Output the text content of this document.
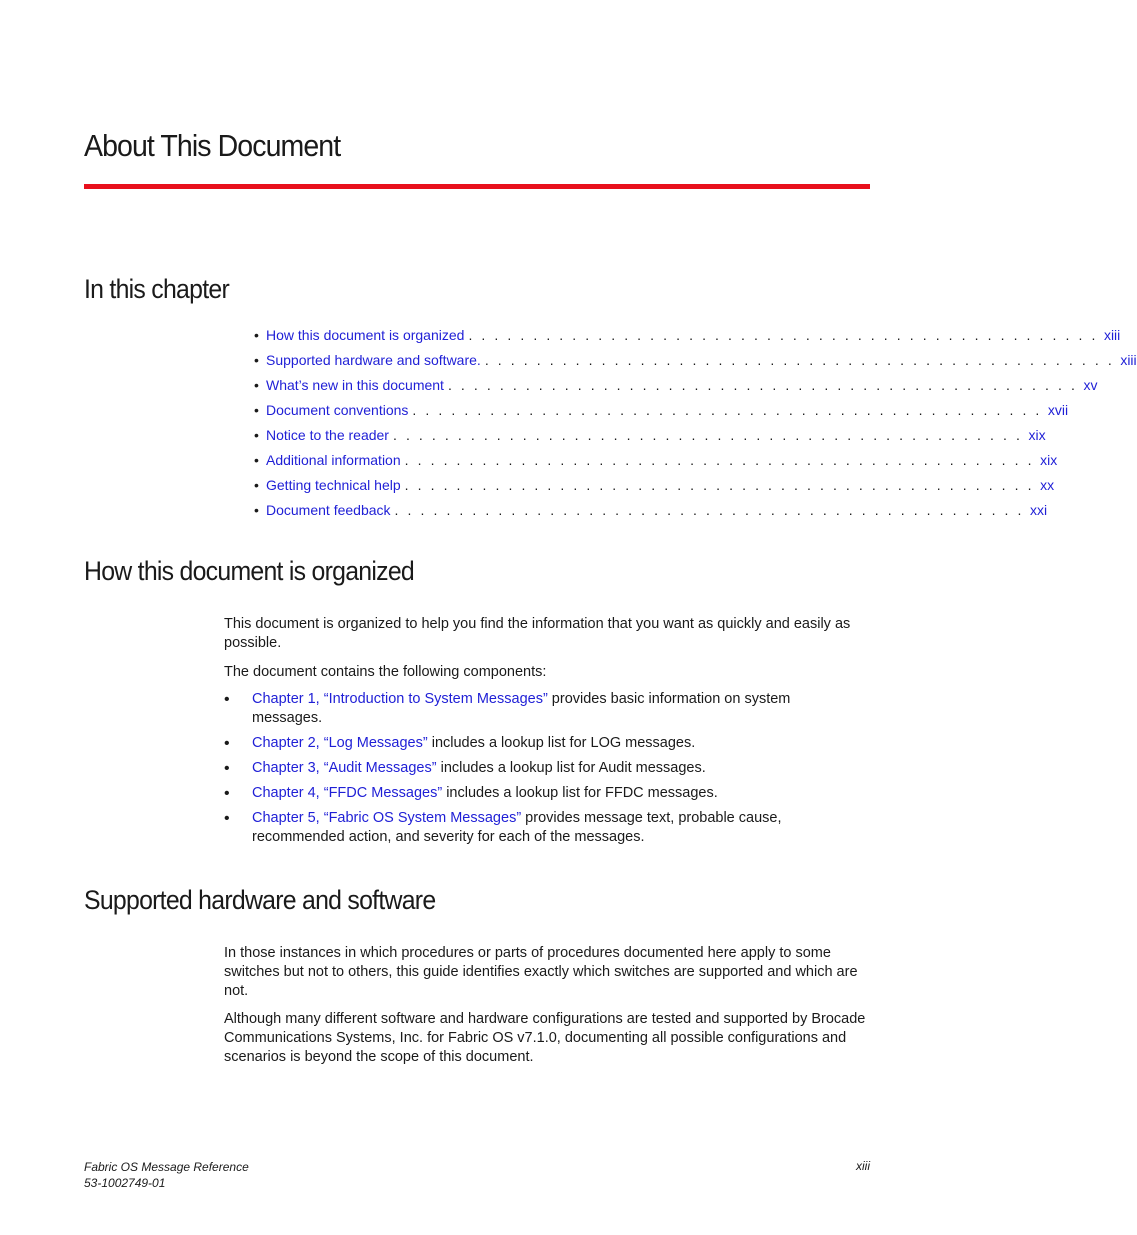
About This Document
In this chapter
• How this document is organized . . . . . . . . . . . . . . . . . . . . . . . . . . . . . . . . . . . . . . . . . . . . . . . . . xiii
• Supported hardware and software. . . . . . . . . . . . . . . . . . . . . . . . . . . . . . . . . . . . . . . . . . . . . . . . . . xiii
• What’s new in this document . . . . . . . . . . . . . . . . . . . . . . . . . . . . . . . . . . . . . . . . . . . . . . . . . xv
• Document conventions . . . . . . . . . . . . . . . . . . . . . . . . . . . . . . . . . . . . . . . . . . . . . . . . . xvii
• Notice to the reader . . . . . . . . . . . . . . . . . . . . . . . . . . . . . . . . . . . . . . . . . . . . . . . . . xix
• Additional information . . . . . . . . . . . . . . . . . . . . . . . . . . . . . . . . . . . . . . . . . . . . . . . . . xix
• Getting technical help . . . . . . . . . . . . . . . . . . . . . . . . . . . . . . . . . . . . . . . . . . . . . . . . . xx
• Document feedback . . . . . . . . . . . . . . . . . . . . . . . . . . . . . . . . . . . . . . . . . . . . . . . . . xxi
How this document is organized

This document is organized to help you find the information that you want as quickly and easily as possible.

The document contains the following components:

• Chapter 1, “Introduction to System Messages” provides basic information on system messages.
• Chapter 2, “Log Messages” includes a lookup list for LOG messages.
• Chapter 3, “Audit Messages” includes a lookup list for Audit messages.
• Chapter 4, “FFDC Messages” includes a lookup list for FFDC messages.
• Chapter 5, “Fabric OS System Messages” provides message text, probable cause, recommended action, and severity for each of the messages.
Supported hardware and software

In those instances in which procedures or parts of procedures documented here apply to some switches but not to others, this guide identifies exactly which switches are supported and which are not.

Although many different software and hardware configurations are tested and supported by Brocade Communications Systems, Inc. for Fabric OS v7.1.0, documenting all possible configurations and scenarios is beyond the scope of this document.

Fabric OS Message Reference
53-1002749-01
xiii
